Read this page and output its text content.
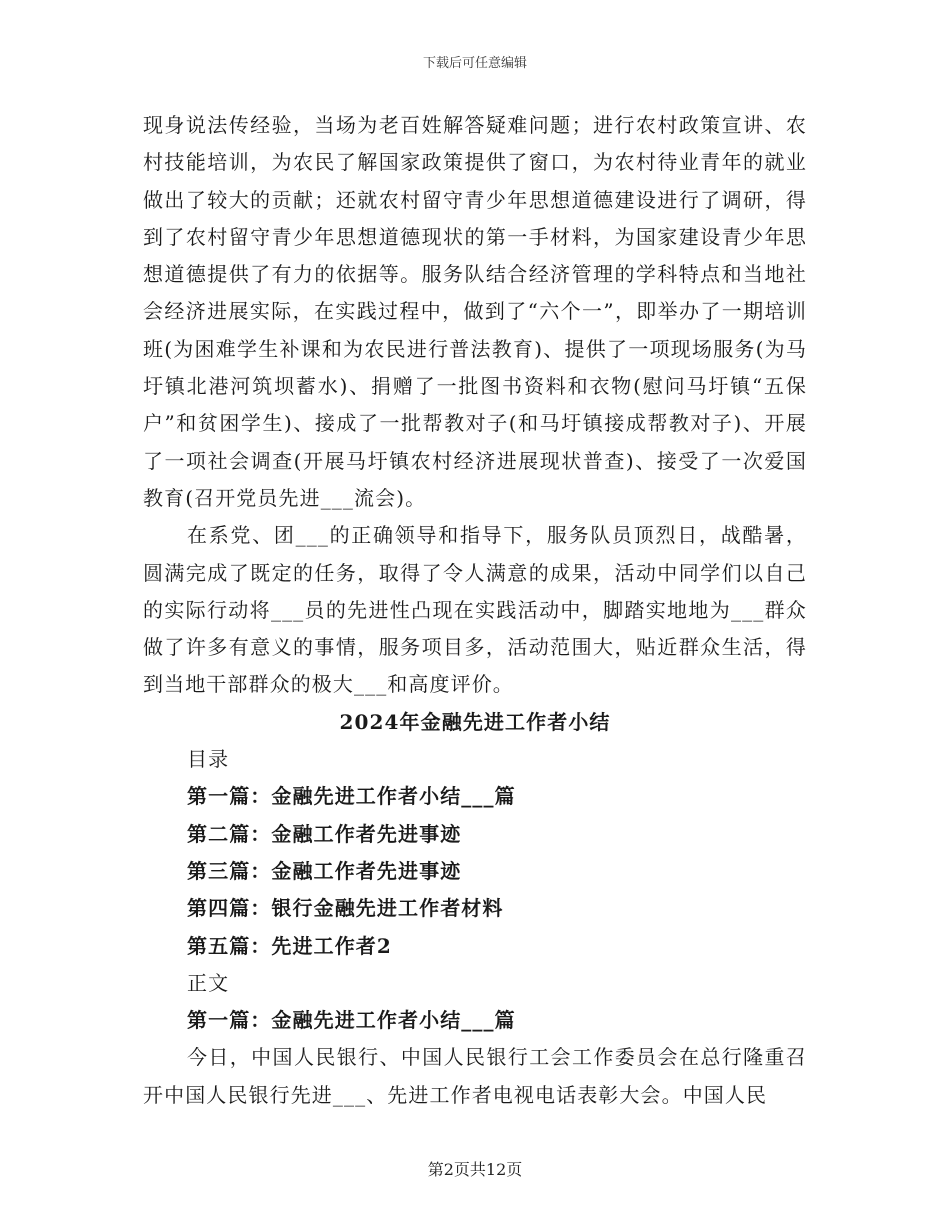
下载后可任意编辑

现身说法传经验，当场为老百姓解答疑难问题；进行农村政策宣讲、农村技能培训，为农民了解国家政策提供了窗口，为农村待业青年的就业做出了较大的贡献；还就农村留守青少年思想道德建设进行了调研，得到了农村留守青少年思想道德现状的第一手材料，为国家建设青少年思想道德提供了有力的依据等。服务队结合经济管理的学科特点和当地社会经济进展实际，在实践过程中，做到了“六个一”，即举办了一期培训班(为困难学生补课和为农民进行普法教育)、提供了一项现场服务(为马圩镇北港河筑坝蓄水)、捐赠了一批图书资料和衣物(慰问马圩镇“五保户”和贫困学生)、接成了一批帮教对子(和马圩镇接成帮教对子)、开展了一项社会调查(开展马圩镇农村经济进展现状普查)、接受了一次爱国教育(召开党员先进___流会)。

在系党、团___的正确领导和指导下，服务队员顶烈日，战酷暑，圆满完成了既定的任务，取得了令人满意的成果，活动中同学们以自己的实际行动将___员的先进性凸现在实践活动中，脚踏实地地为___群众做了许多有意义的事情，服务项目多，活动范围大，贴近群众生活，得到当地干部群众的极大___和高度评价。

2024年金融先进工作者小结

目录

第一篇：金融先进工作者小结___篇

第二篇：金融工作者先进事迹

第三篇：金融工作者先进事迹

第四篇：银行金融先进工作者材料

第五篇：先进工作者2

正文

第一篇：金融先进工作者小结___篇

今日，中国人民银行、中国人民银行工会工作委员会在总行隆重召开中国人民银行先进___、先进工作者电视电话表彰大会。中国人民

第2页共12页
